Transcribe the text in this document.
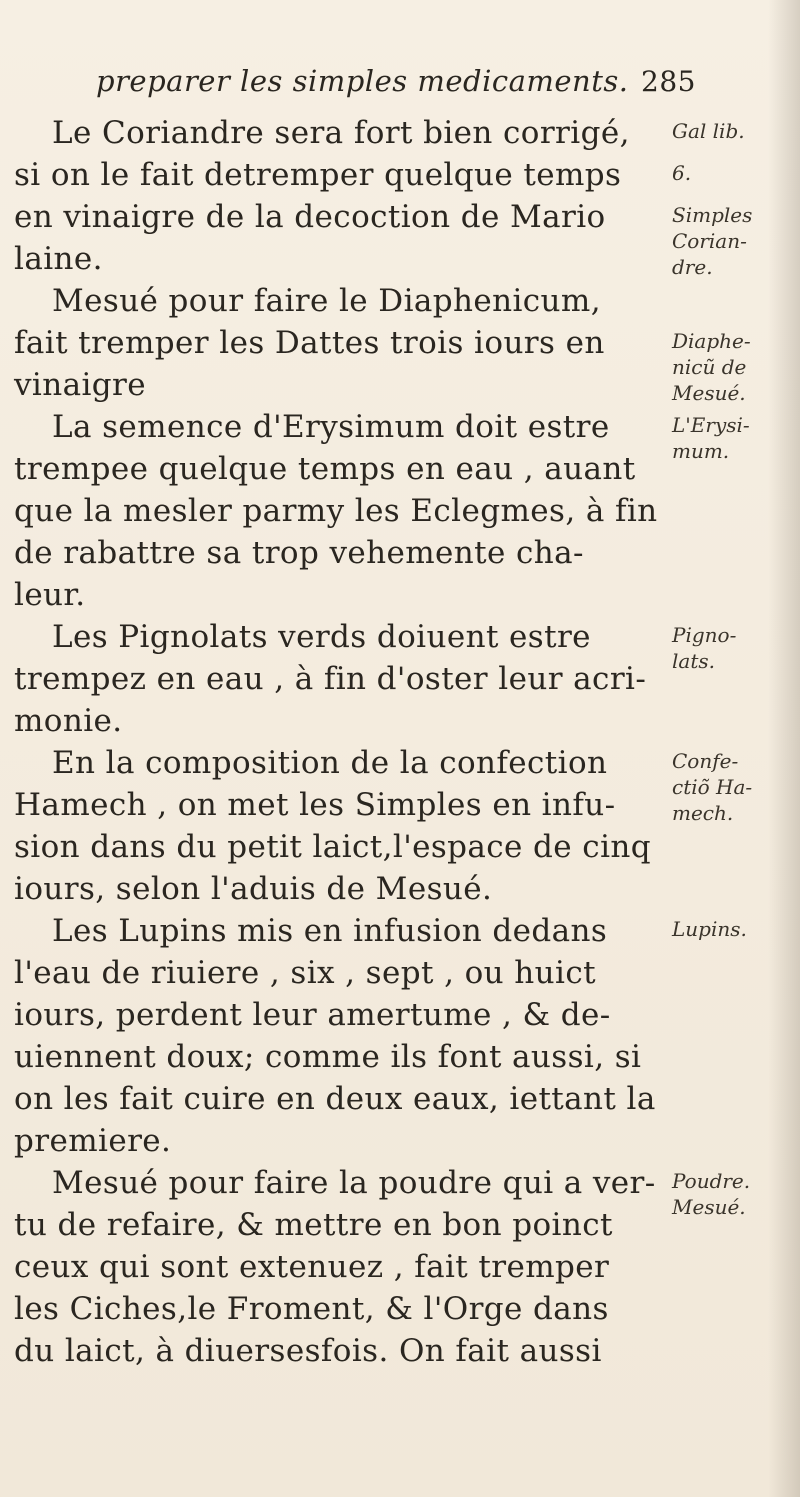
preparer les simples medicaments. 285
Le Coriandre sera fort bien corrigé,
si on le fait detremper quelque temps
en vinaigre de la decoction de Mario
laine.
Mesué pour faire le Diaphenicum,
fait tremper les Dattes trois iours en
vinaigre
La semence d'Erysimum doit estre
trempee quelque temps en eau , auant
que la mesler parmy les Eclegmes, à fin
de rabattre sa trop vehemente cha-
leur.
Les Pignolats verds doiuent estre
trempez en eau , à fin d'oster leur acri-
monie.
En la composition de la confection
Hamech , on met les Simples en infu-
sion dans du petit laict,l'espace de cinq
iours, selon l'aduis de Mesué.
Les Lupins mis en infusion dedans
l'eau de riuiere , six , sept , ou huict
iours, perdent leur amertume , & de-
uiennent doux; comme ils font aussi, si
on les fait cuire en deux eaux, iettant la
premiere.
Mesué pour faire la poudre qui a ver-
tu de refaire, & mettre en bon poinct
ceux qui sont extenuez , fait tremper
les Ciches,le Froment, & l'Orge dans
du laict, à diuersesfois. On fait aussi
Gal lib.
6.
Simples
Corian-
dre.
Diaphe-
nicũ de
Mesué.
L'Erysi-
mum.
Pigno-
lats.
Confe-
ctiõ Ha-
mech.
Lupins.
Poudre.
Mesué.
